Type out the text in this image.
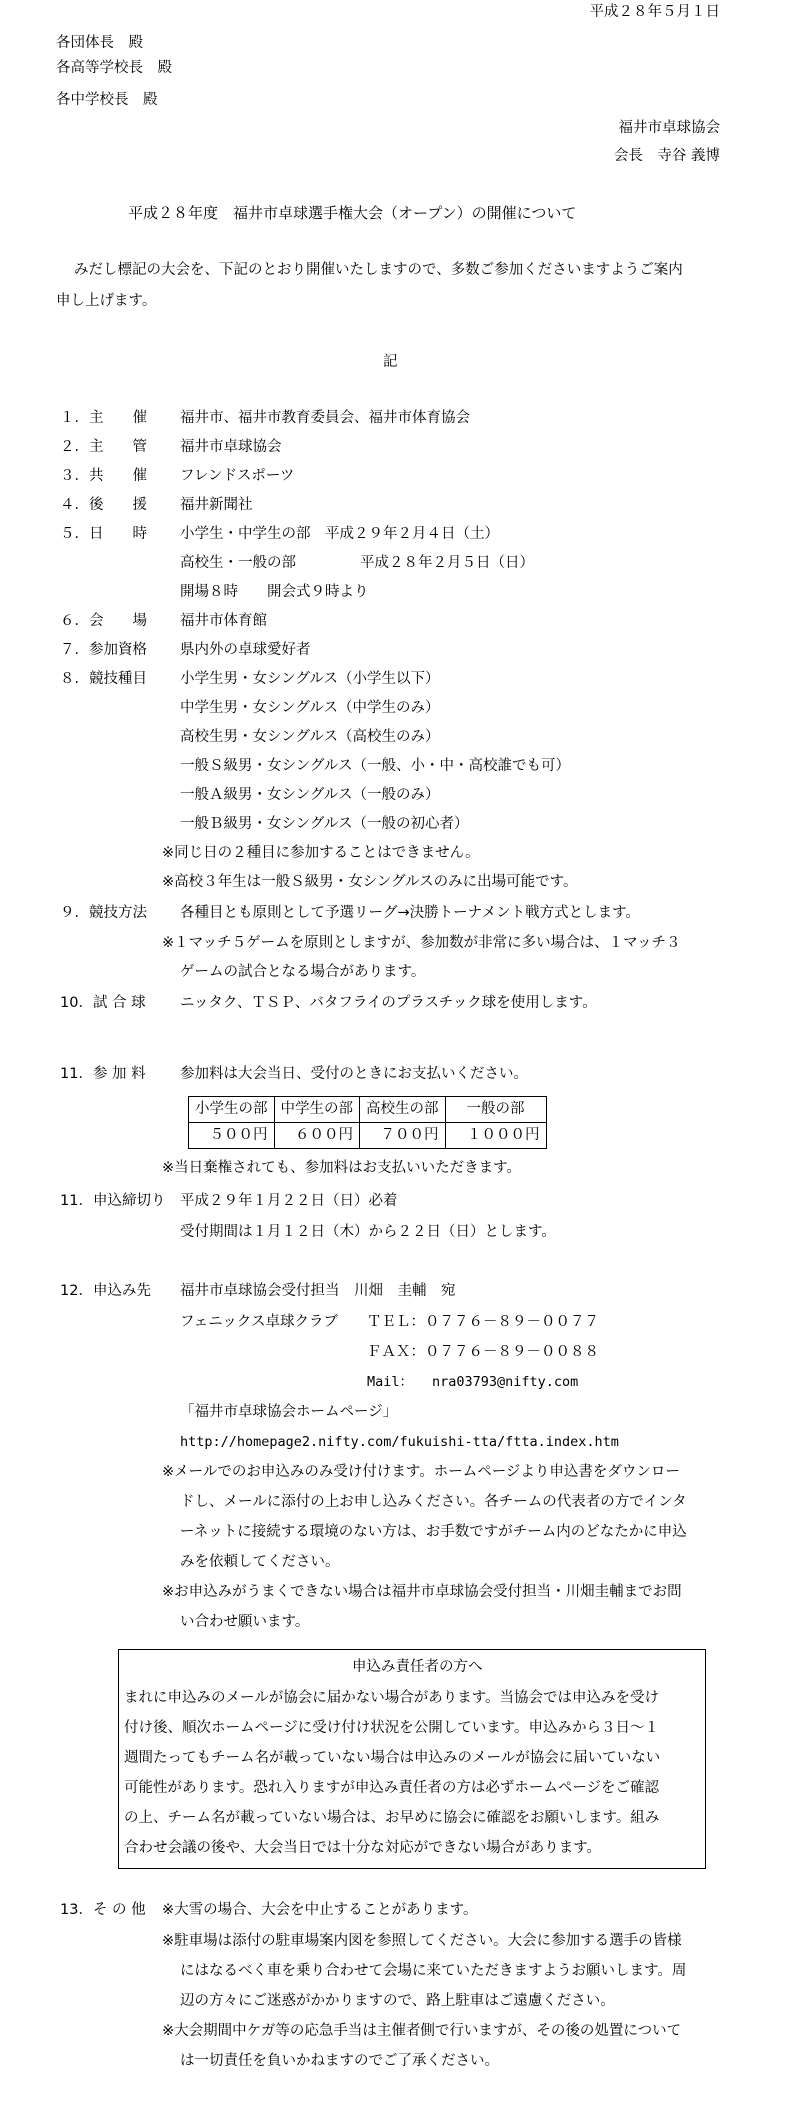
平成２８年５月１日
各団体長　殿
各高等学校長　殿
各中学校長　殿
福井市卓球協会
会長　寺谷 義博
平成２８年度　福井市卓球選手権大会（オープン）の開催について
みだし標記の大会を、下記のとおり開催いたしますので、多数ご参加くださいますようご案内
申し上げます。
記
１．主　　催 福井市、福井市教育委員会、福井市体育協会
２．主　　管 福井市卓球協会
３．共　　催 フレンドスポーツ
４．後　　援 福井新聞社
５．日　　時 小学生・中学生の部　平成２９年２月４日（土）
高校生・一般の部	平成２８年２月５日（日）
開場８時　　開会式９時より
６．会　　場 福井市体育館
７．参加資格 県内外の卓球愛好者
８．競技種目 小学生男・女シングルス（小学生以下）
中学生男・女シングルス（中学生のみ）
高校生男・女シングルス（高校生のみ）
一般Ｓ級男・女シングルス（一般、小・中・高校誰でも可）
一般Ａ級男・女シングルス（一般のみ）
一般Ｂ級男・女シングルス（一般の初心者）
※同じ日の２種目に参加することはできません。
※高校３年生は一般Ｓ級男・女シングルスのみに出場可能です。
９．競技方法 各種目とも原則として予選リーグ→決勝トーナメント戦方式とします。
※１マッチ５ゲームを原則としますが、参加数が非常に多い場合は、１マッチ３
ゲームの試合となる場合があります。
10．試 合 球 ニッタク、ＴＳＰ、バタフライのプラスチック球を使用します。
11．参 加 料 参加料は大会当日、受付のときにお支払いください。
小学生の部	中学生の部	高校生の部	一般の部
５００円	６００円	７００円	１０００円
※当日棄権されても、参加料はお支払いいただきます。
11．申込締切り 平成２９年１月２２日（日）必着
受付期間は１月１２日（木）から２２日（日）とします。
12．申込み先 福井市卓球協会受付担当　川畑　圭輔　宛
フェニックス卓球クラブ ＴＥＬ：０７７６－８９－００７７
ＦＡＸ：０７７６－８９－００８８
Mail： nra03793@nifty.com
「福井市卓球協会ホームページ」
http://homepage2.nifty.com/fukuishi-tta/ftta.index.htm
※メールでのお申込みのみ受け付けます。ホームページより申込書をダウンロー
ドし、メールに添付の上お申し込みください。各チームの代表者の方でインタ
ーネットに接続する環境のない方は、お手数ですがチーム内のどなたかに申込
みを依頼してください。
※お申込みがうまくできない場合は福井市卓球協会受付担当・川畑圭輔までお問
い合わせ願います。
申込み責任者の方へ
まれに申込みのメールが協会に届かない場合があります。当協会では申込みを受け
付け後、順次ホームページに受け付け状況を公開しています。申込みから３日～１
週間たってもチーム名が載っていない場合は申込みのメールが協会に届いていない
可能性があります。恐れ入りますが申込み責任者の方は必ずホームページをご確認
の上、チーム名が載っていない場合は、お早めに協会に確認をお願いします。組み
合わせ会議の後や、大会当日では十分な対応ができない場合があります。
13．そ の 他 ※大雪の場合、大会を中止することがあります。
※駐車場は添付の駐車場案内図を参照してください。大会に参加する選手の皆様
にはなるべく車を乗り合わせて会場に来ていただきますようお願いします。周
辺の方々にご迷惑がかかりますので、路上駐車はご遠慮ください。
※大会期間中ケガ等の応急手当は主催者側で行いますが、その後の処置について
は一切責任を負いかねますのでご了承ください。
